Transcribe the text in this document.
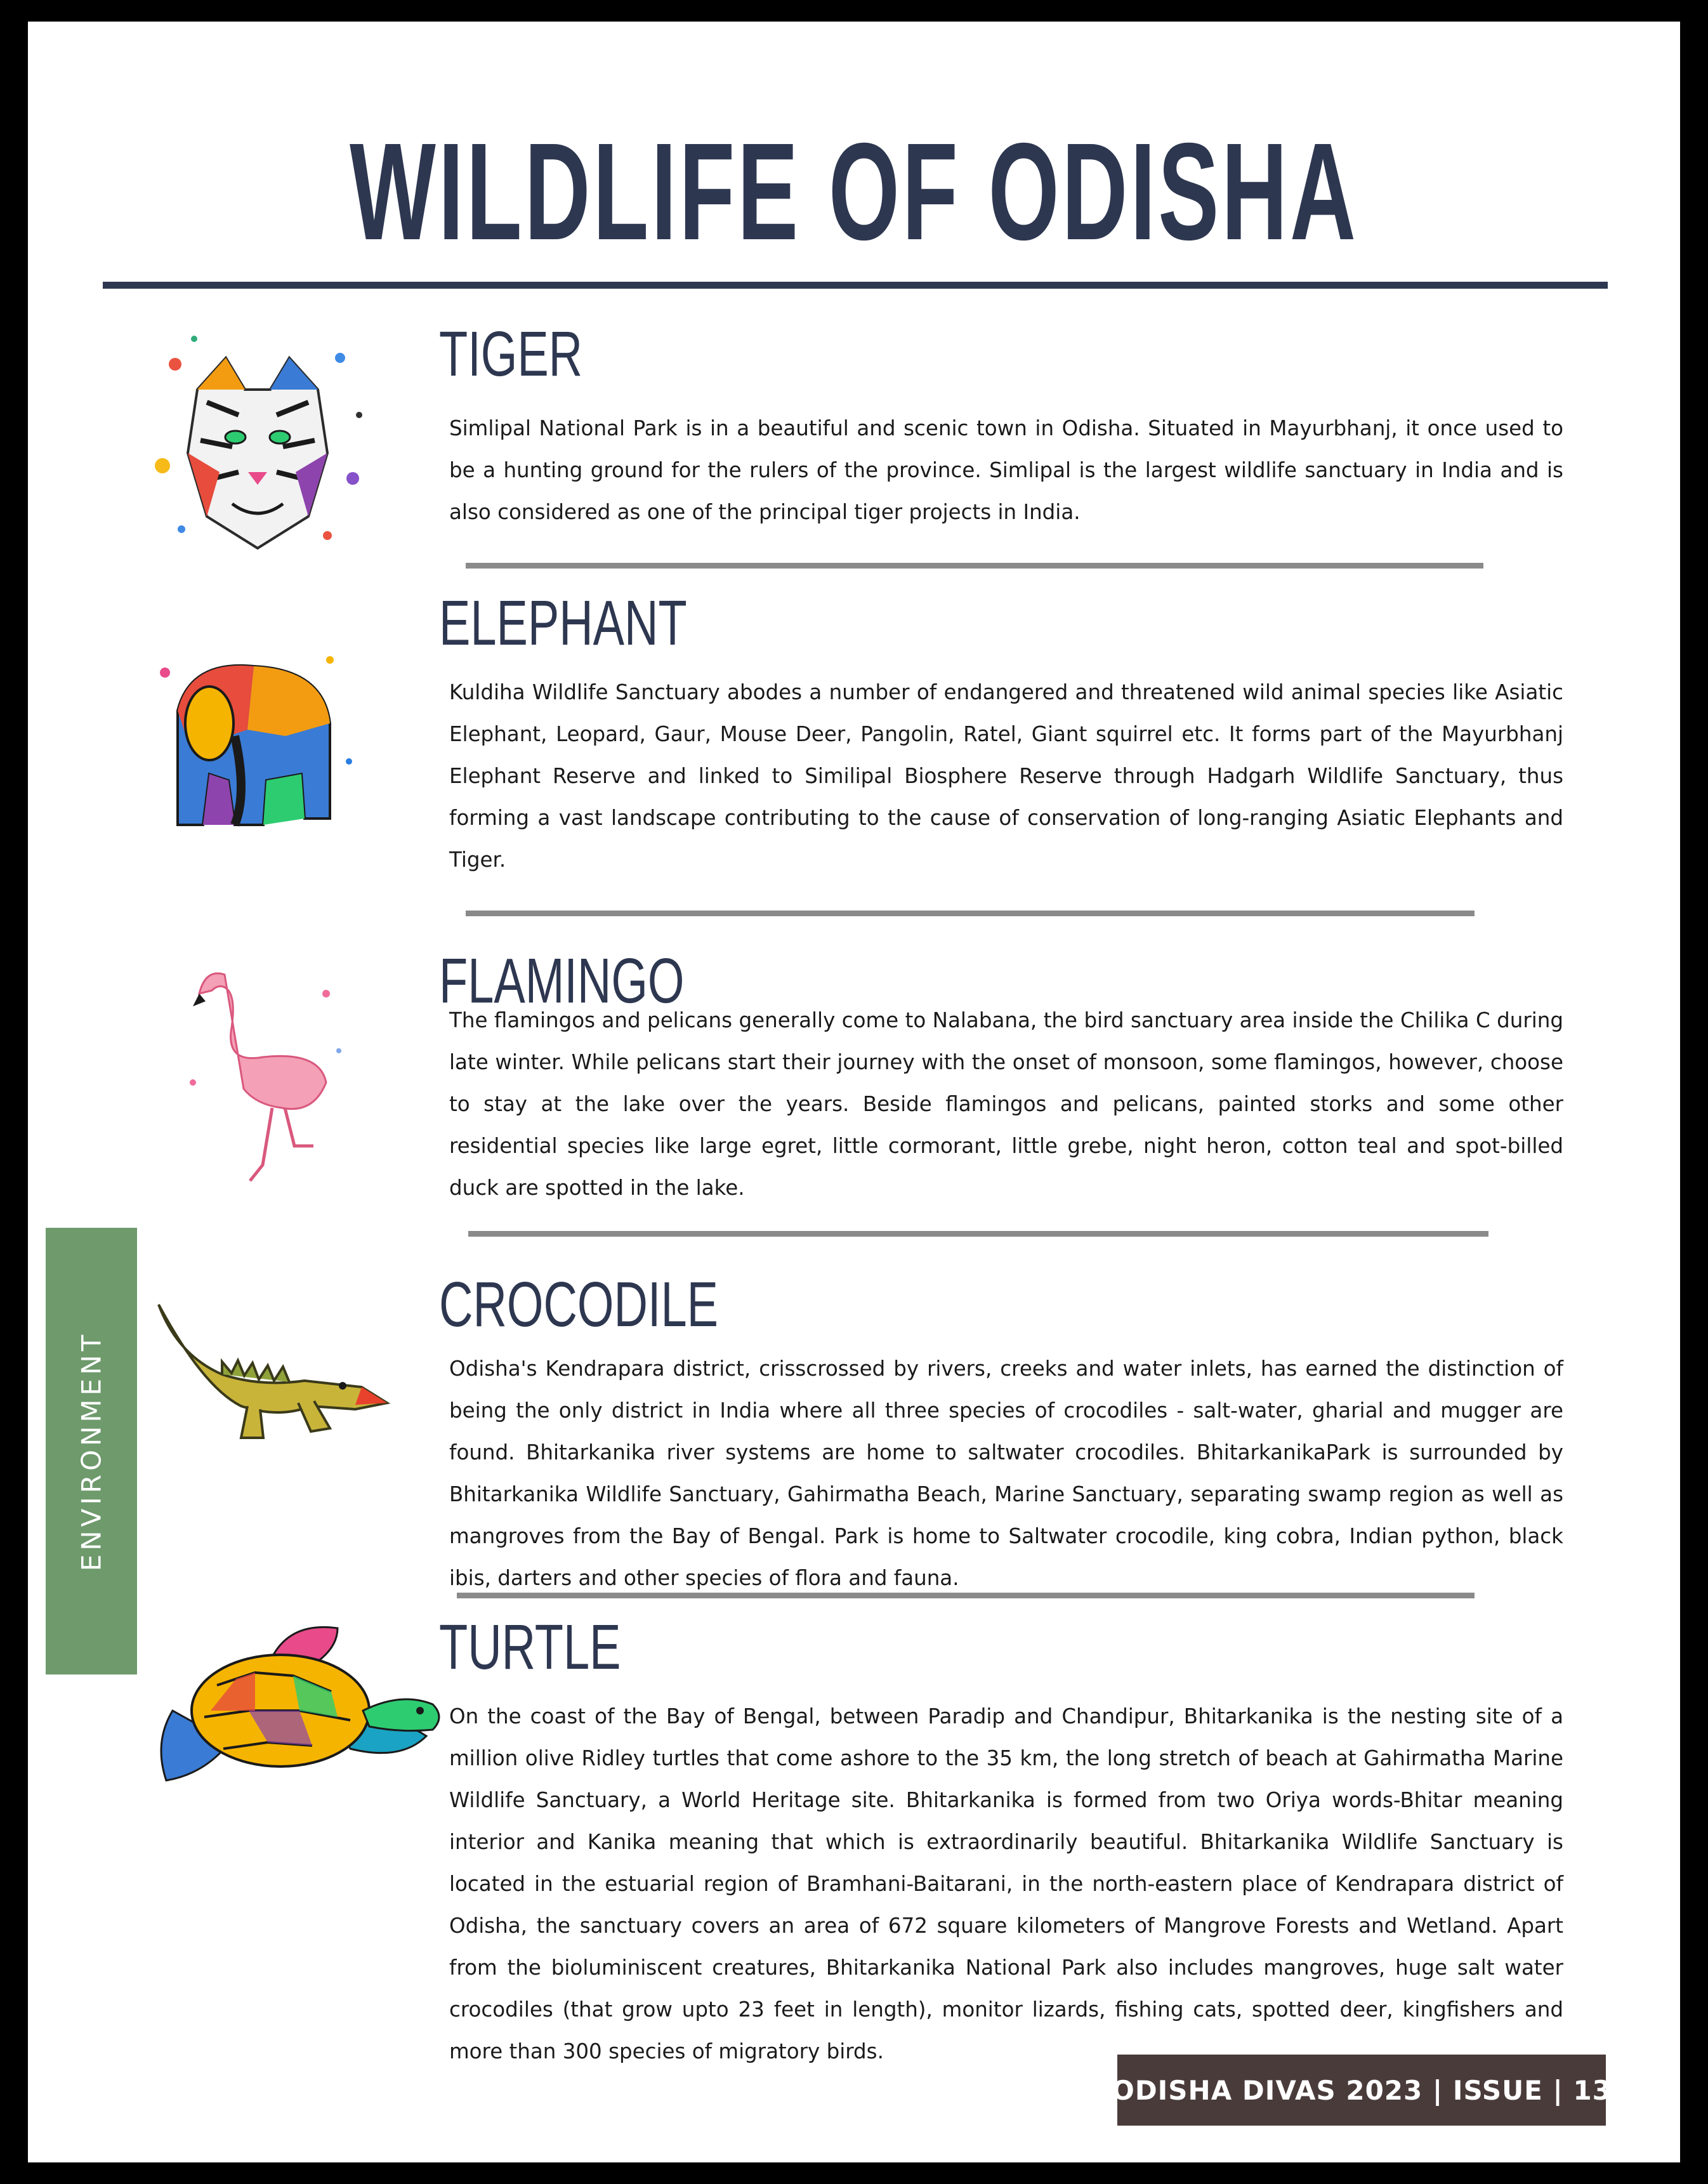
WILDLIFE OF ODISHA
TIGER

Simlipal National Park is in a beautiful and scenic town in Odisha. Situated in Mayurbhanj, it once used to be a hunting ground for the rulers of the province. Simlipal is the largest wildlife sanctuary in India and is also considered as one of the principal tiger projects in India.

ELEPHANT

Kuldiha Wildlife Sanctuary abodes a number of endangered and threatened wild animal species like Asiatic Elephant, Leopard, Gaur, Mouse Deer, Pangolin, Ratel, Giant squirrel etc. It forms part of the Mayurbhanj Elephant Reserve and linked to Similipal Biosphere Reserve through Hadgarh Wildlife Sanctuary, thus forming a vast landscape contributing to the cause of conservation of long-ranging Asiatic Elephants and Tiger.

FLAMINGO

The flamingos and pelicans generally come to Nalabana, the bird sanctuary area inside the Chilika C during late winter. While pelicans start their journey with the onset of monsoon, some flamingos, however, choose to stay at the lake over the years. Beside flamingos and pelicans, painted storks and some other residential species like large egret, little cormorant, little grebe, night heron, cotton teal and spot-billed duck are spotted in the lake.

CROCODILE

Odisha's Kendrapara district, crisscrossed by rivers, creeks and water inlets, has earned the distinction of being the only district in India where all three species of crocodiles - salt-water, gharial and mugger are found. Bhitarkanika river systems are home to saltwater crocodiles. BhitarkanikaPark is surrounded by Bhitarkanika Wildlife Sanctuary, Gahirmatha Beach, Marine Sanctuary, separating swamp region as well as mangroves from the Bay of Bengal. Park is home to Saltwater crocodile, king cobra, Indian python, black ibis, darters and other species of flora and fauna.

TURTLE

On the coast of the Bay of Bengal, between Paradip and Chandipur, Bhitarkanika is the nesting site of a million olive Ridley turtles that come ashore to the 35 km, the long stretch of beach at Gahirmatha Marine Wildlife Sanctuary, a World Heritage site. Bhitarkanika is formed from two Oriya words-Bhitar meaning interior and Kanika meaning that which is extraordinarily beautiful. Bhitarkanika Wildlife Sanctuary is located in the estuarial region of Bramhani-Baitarani, in the north-eastern place of Kendrapara district of Odisha, the sanctuary covers an area of 672 square kilometers of Mangrove Forests and Wetland. Apart from the bioluminiscent creatures, Bhitarkanika National Park also includes mangroves, huge salt water crocodiles (that grow upto 23 feet in length), monitor lizards, fishing cats, spotted deer, kingfishers and more than 300 species of migratory birds.

ENVIRONMENT
ODISHA DIVAS 2023 | ISSUE | 13
